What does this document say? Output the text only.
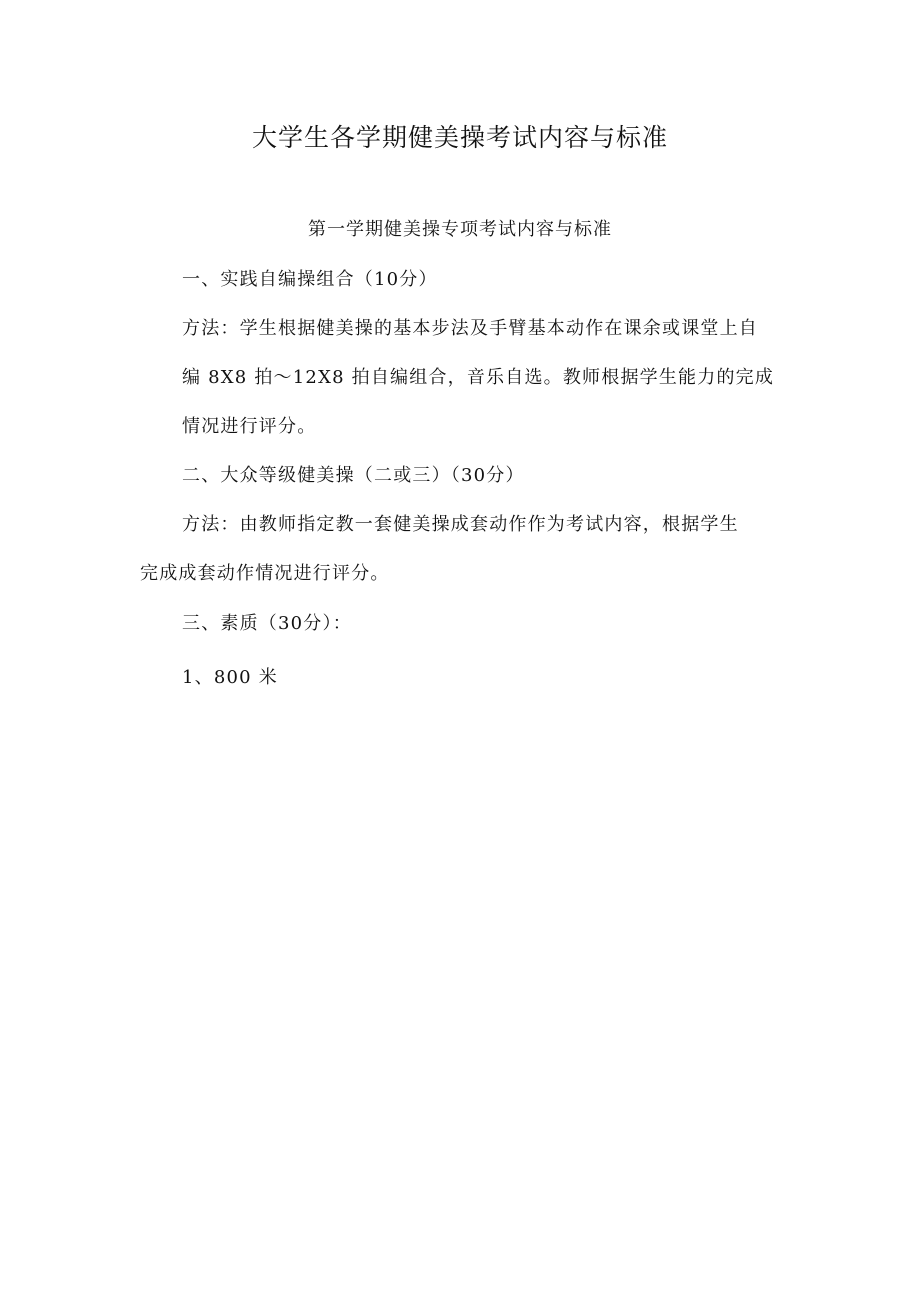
大学生各学期健美操考试内容与标准
第一学期健美操专项考试内容与标准
一、实践自编操组合（10分）
方法：学生根据健美操的基本步法及手臂基本动作在课余或课堂上自
编 8X8 拍～12X8 拍自编组合，音乐自选。教师根据学生能力的完成
情况进行评分。
二、大众等级健美操（二或三）（30分）
方法：由教师指定教一套健美操成套动作作为考试内容，根据学生
完成成套动作情况进行评分。
三、素质（30分）：
1、800 米
